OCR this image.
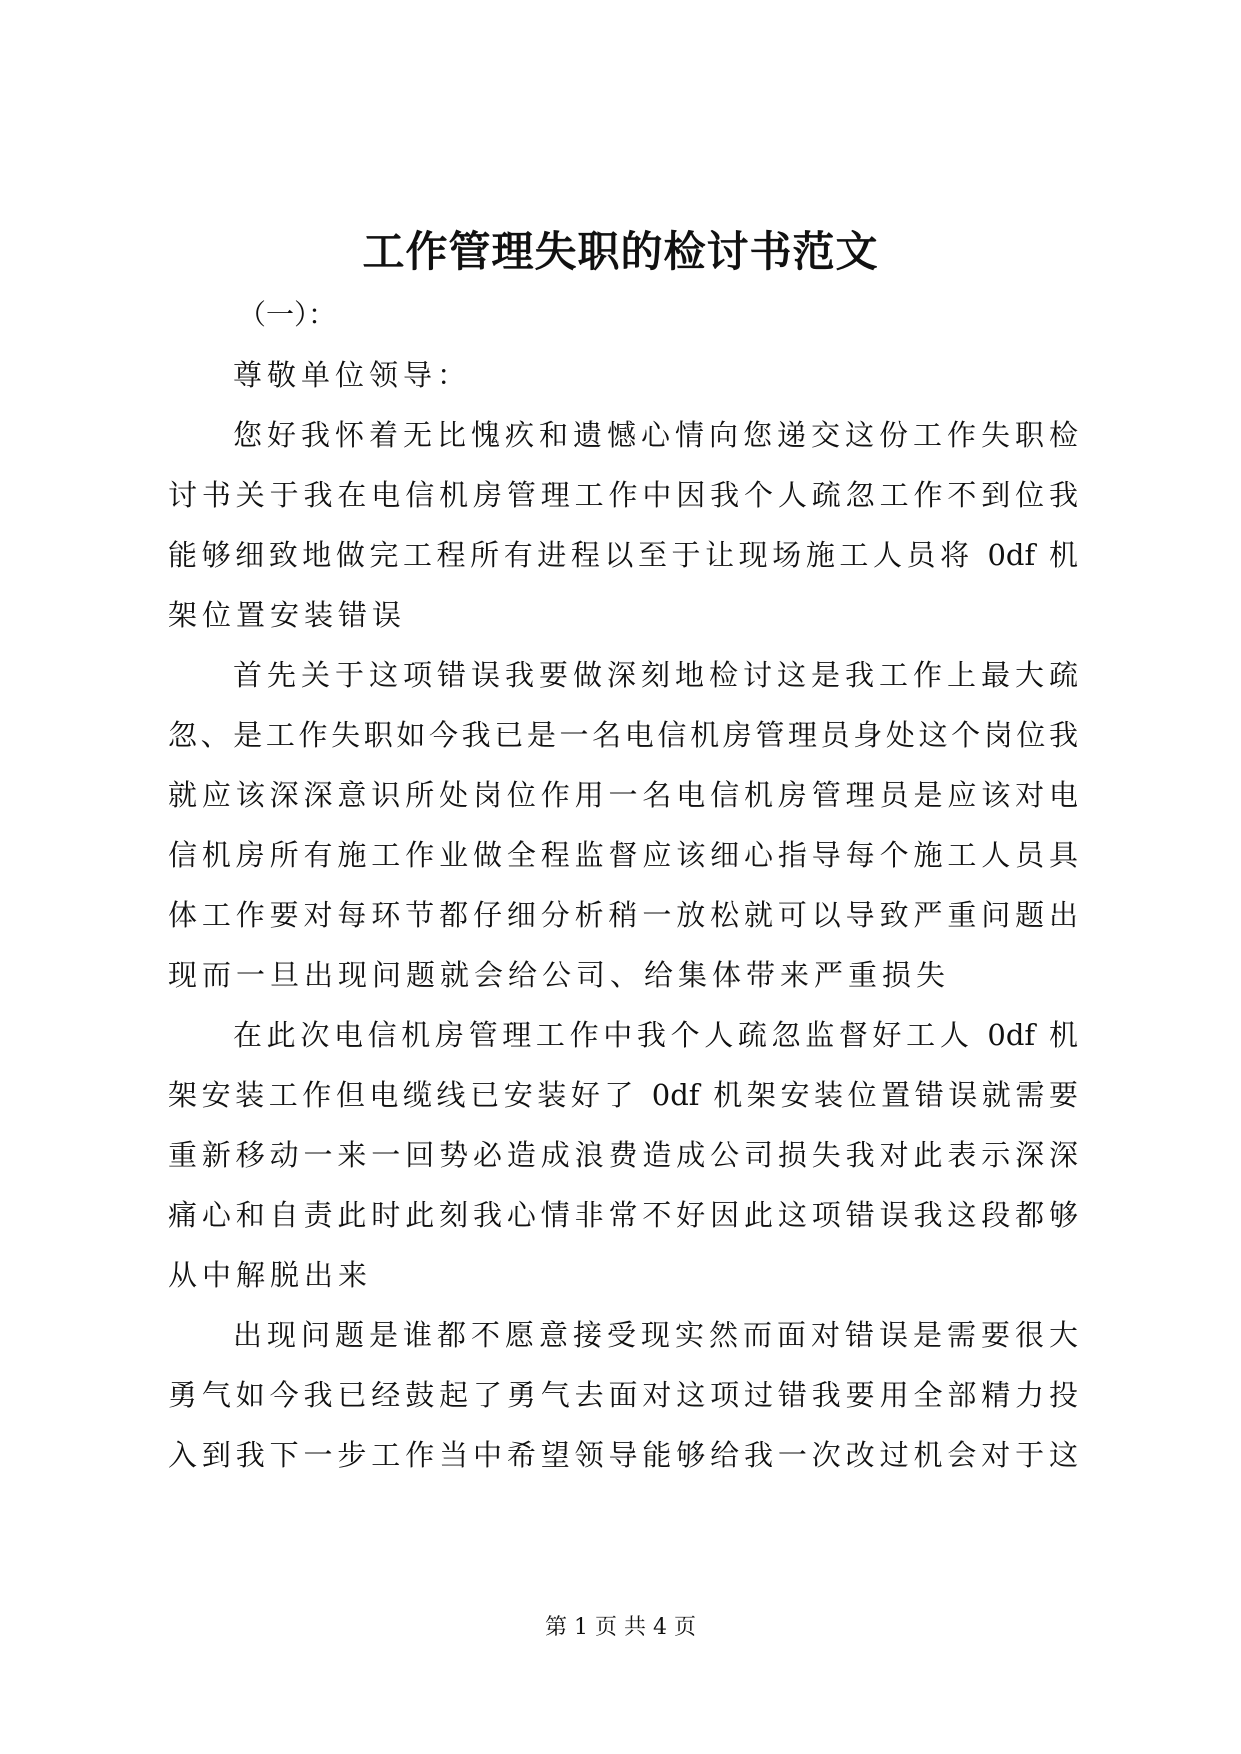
工作管理失职的检讨书范文

（一）：

尊敬单位领导：

您好我怀着无比愧疚和遗憾心情向您递交这份工作失职检

讨书关于我在电信机房管理工作中因我个人疏忽工作不到位我

能够细致地做完工程所有进程以至于让现场施工人员将 0df 机

架位置安装错误

首先关于这项错误我要做深刻地检讨这是我工作上最大疏

忽、是工作失职如今我已是一名电信机房管理员身处这个岗位我

就应该深深意识所处岗位作用一名电信机房管理员是应该对电

信机房所有施工作业做全程监督应该细心指导每个施工人员具

体工作要对每环节都仔细分析稍一放松就可以导致严重问题出

现而一旦出现问题就会给公司、给集体带来严重损失

在此次电信机房管理工作中我个人疏忽监督好工人 0df 机

架安装工作但电缆线已安装好了 0df 机架安装位置错误就需要

重新移动一来一回势必造成浪费造成公司损失我对此表示深深

痛心和自责此时此刻我心情非常不好因此这项错误我这段都够

从中解脱出来

出现问题是谁都不愿意接受现实然而面对错误是需要很大

勇气如今我已经鼓起了勇气去面对这项过错我要用全部精力投

入到我下一步工作当中希望领导能够给我一次改过机会对于这

第 1 页 共 4 页
